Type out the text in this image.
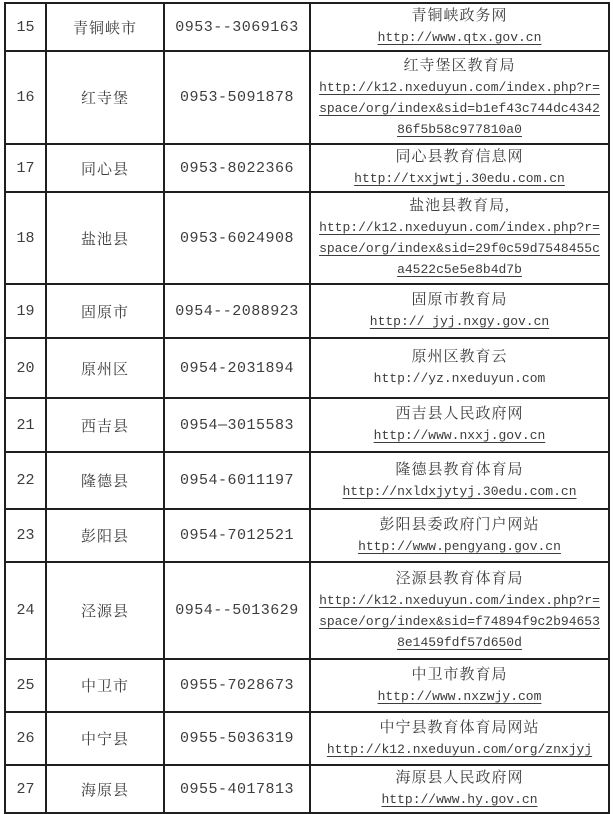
15	青铜峡市	0953--3069163	青铜峡政务网
http://www.qtx.gov.cn

16	红寺堡	0953-5091878	红寺堡区教育局
http://k12.nxeduyun.com/index.php?r=space/org/index&sid=b1ef43c744dc434286f5b58c977810a0

17	同心县	0953-8022366	同心县教育信息网
http://txxjwtj.30edu.com.cn

18	盐池县	0953-6024908	盐池县教育局,
http://k12.nxeduyun.com/index.php?r=space/org/index&sid=29f0c59d7548455ca4522c5e5e8b4d7b

19	固原市	0954--2088923	固原市教育局
http:// jyj.nxgy.gov.cn

20	原州区	0954-2031894	原州区教育云
http://yz.nxeduyun.com

21	西吉县	0954—3015583	西吉县人民政府网
http://www.nxxj.gov.cn

22	隆德县	0954-6011197	隆德县教育体育局
http://nxldxjytyj.30edu.com.cn

23	彭阳县	0954-7012521	彭阳县委政府门户网站
http://www.pengyang.gov.cn

24	泾源县	0954--5013629	泾源县教育体育局
http://k12.nxeduyun.com/index.php?r=space/org/index&sid=f74894f9c2b946538e1459fdf57d650d

25	中卫市	0955-7028673	中卫市教育局
http://www.nxzwjy.com

26	中宁县	0955-5036319	中宁县教育体育局网站
http://k12.nxeduyun.com/org/znxjyj

27	海原县	0955-4017813	海原县人民政府网
http://www.hy.gov.cn
